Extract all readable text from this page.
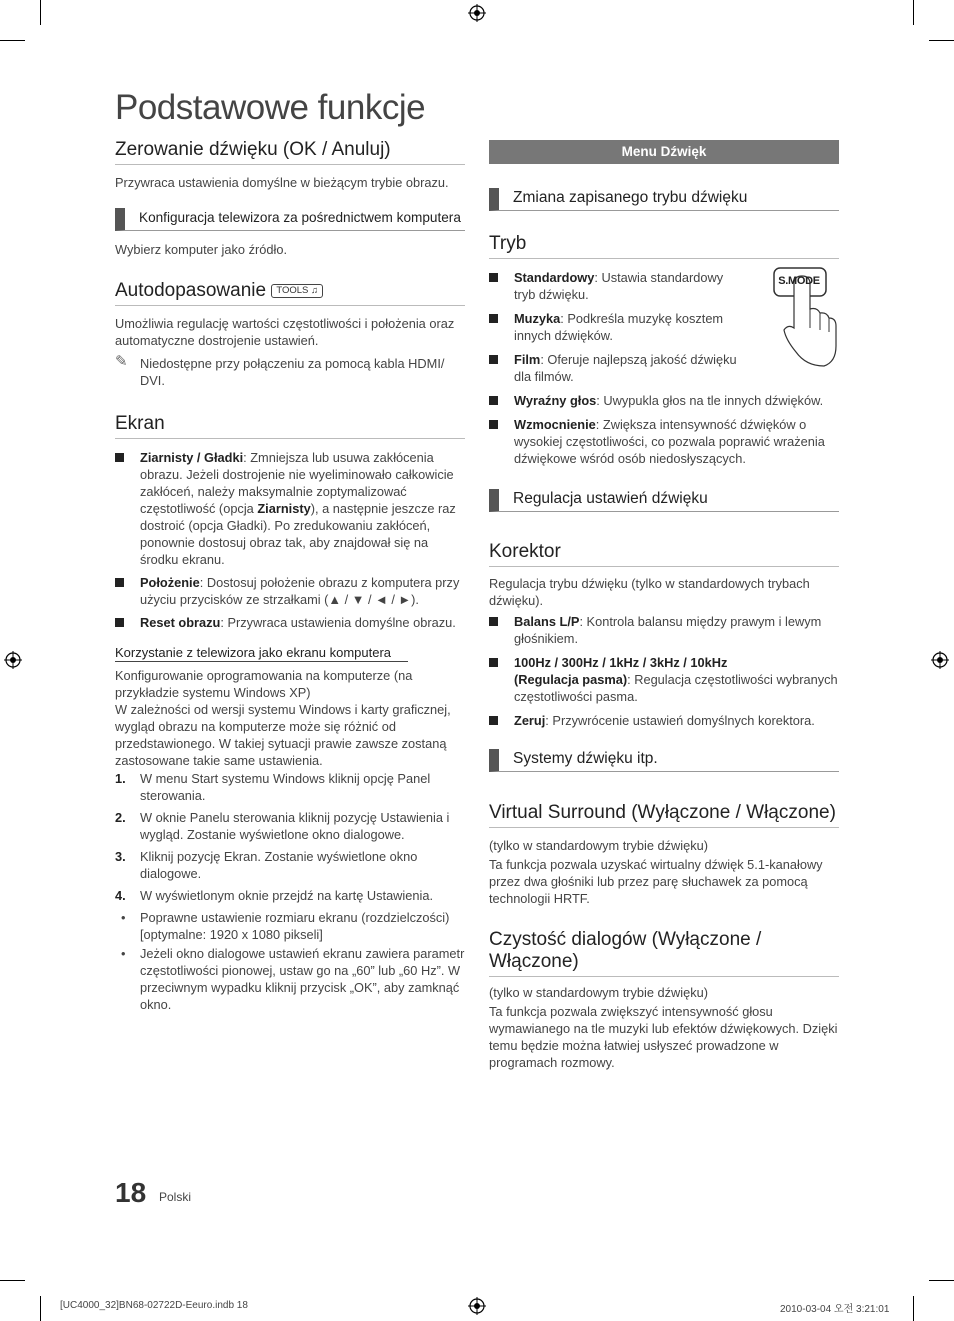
Podstawowe funkcje
Zerowanie dźwięku (OK / Anuluj)
Przywraca ustawienia domyślne w bieżącym trybie obrazu.
Konfiguracja telewizora za pośrednictwem komputera
Wybierz komputer jako źródło.
Autodopasowanie TOOLS ♫
Umożliwia regulację wartości częstotliwości i położenia oraz automatyczne dostrojenie ustawień.
✎ Niedostępne przy połączeniu za pomocą kabla HDMI/ DVI.
Ekran
Ziarnisty / Gładki: Zmniejsza lub usuwa zakłócenia obrazu. Jeżeli dostrojenie nie wyeliminowało całkowicie zakłóceń, należy maksymalnie zoptymalizować częstotliwość (opcja Ziarnisty), a następnie jeszcze raz dostroić (opcja Gładki). Po zredukowaniu zakłóceń, ponownie dostosuj obraz tak, aby znajdował się na środku ekranu.
Położenie: Dostosuj położenie obrazu z komputera przy użyciu przycisków ze strzałkami (▲ / ▼ / ◄ / ►).
Reset obrazu: Przywraca ustawienia domyślne obrazu.
Korzystanie z telewizora jako ekranu komputera
Konfigurowanie oprogramowania na komputerze (na przykładzie systemu Windows XP)
W zależności od wersji systemu Windows i karty graficznej, wygląd obrazu na komputerze może się różnić od przedstawionego. W takiej sytuacji prawie zawsze zostaną zastosowane takie same ustawienia.
1. W menu Start systemu Windows kliknij opcję Panel sterowania.
2. W oknie Panelu sterowania kliknij pozycję Ustawienia i wygląd. Zostanie wyświetlone okno dialogowe.
3. Kliknij pozycję Ekran. Zostanie wyświetlone okno dialogowe.
4. W wyświetlonym oknie przejdź na kartę Ustawienia.
• Poprawne ustawienie rozmiaru ekranu (rozdzielczości) [optymalne: 1920 x 1080 pikseli]
• Jeżeli okno dialogowe ustawień ekranu zawiera parametr częstotliwości pionowej, ustaw go na „60” lub „60 Hz”. W przeciwnym wypadku kliknij przycisk „OK”, aby zamknąć okno.
Menu Dźwięk
Zmiana zapisanego trybu dźwięku
Tryb
S.MODE
Standardowy: Ustawia standardowy tryb dźwięku.
Muzyka: Podkreśla muzykę kosztem innych dźwięków.
Film: Oferuje najlepszą jakość dźwięku dla filmów.
Wyraźny głos: Uwypukla głos na tle innych dźwięków.
Wzmocnienie: Zwiększa intensywność dźwięków o wysokiej częstotliwości, co pozwala poprawić wrażenia dźwiękowe wśród osób niedosłyszących.
Regulacja ustawień dźwięku
Korektor
Regulacja trybu dźwięku (tylko w standardowych trybach dźwięku).
Balans L/P: Kontrola balansu między prawym i lewym głośnikiem.
100Hz / 300Hz / 1kHz / 3kHz / 10kHz
(Regulacja pasma): Regulacja częstotliwości wybranych częstotliwości pasma.
Zeruj: Przywrócenie ustawień domyślnych korektora.
Systemy dźwięku itp.
Virtual Surround (Wyłączone / Włączone)
(tylko w standardowym trybie dźwięku)
Ta funkcja pozwala uzyskać wirtualny dźwięk 5.1-kanałowy przez dwa głośniki lub przez parę słuchawek za pomocą technologii HRTF.
Czystość dialogów (Wyłączone / Włączone)
(tylko w standardowym trybie dźwięku)
Ta funkcja pozwala zwiększyć intensywność głosu wymawianego na tle muzyki lub efektów dźwiękowych. Dzięki temu będzie można łatwiej usłyszeć prowadzone w programach rozmowy.
18 Polski
[UC4000_32]BN68-02722D-Eeuro.indb 18	2010-03-04 오전 3:21:01
